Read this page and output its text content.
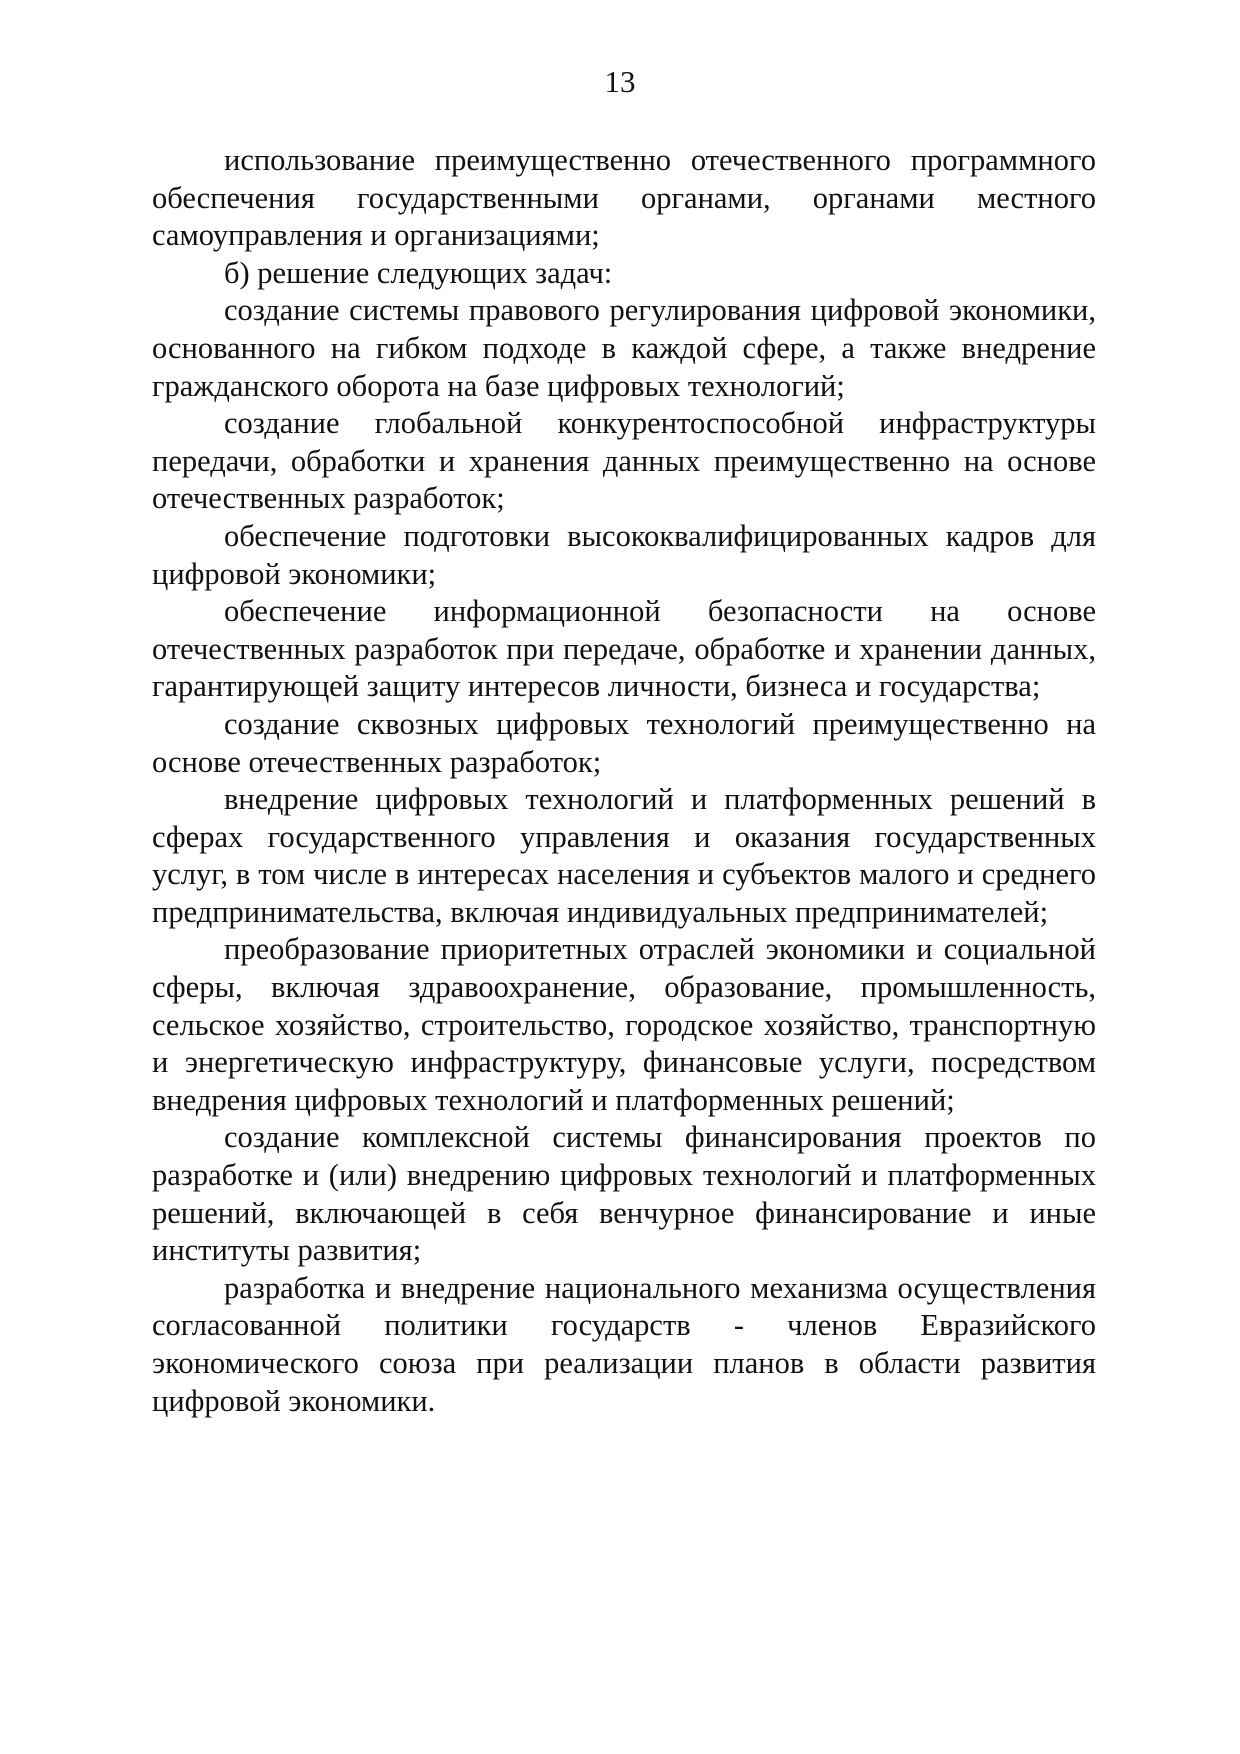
13

использование преимущественно отечественного программного обеспечения государственными органами, органами местного самоуправления и организациями;

б) решение следующих задач:

создание системы правового регулирования цифровой экономики, основанного на гибком подходе в каждой сфере, а также внедрение гражданского оборота на базе цифровых технологий;

создание глобальной конкурентоспособной инфраструктуры передачи, обработки и хранения данных преимущественно на основе отечественных разработок;

обеспечение подготовки высококвалифицированных кадров для цифровой экономики;

обеспечение информационной безопасности на основе отечественных разработок при передаче, обработке и хранении данных, гарантирующей защиту интересов личности, бизнеса и государства;

создание сквозных цифровых технологий преимущественно на основе отечественных разработок;

внедрение цифровых технологий и платформенных решений в сферах государственного управления и оказания государственных услуг, в том числе в интересах населения и субъектов малого и среднего предпринимательства, включая индивидуальных предпринимателей;

преобразование приоритетных отраслей экономики и социальной сферы, включая здравоохранение, образование, промышленность, сельское хозяйство, строительство, городское хозяйство, транспортную и энергетическую инфраструктуру, финансовые услуги, посредством внедрения цифровых технологий и платформенных решений;

создание комплексной системы финансирования проектов по разработке и (или) внедрению цифровых технологий и платформенных решений, включающей в себя венчурное финансирование и иные институты развития;

разработка и внедрение национального механизма осуществления согласованной политики государств - членов Евразийского экономического союза при реализации планов в области развития цифровой экономики.
